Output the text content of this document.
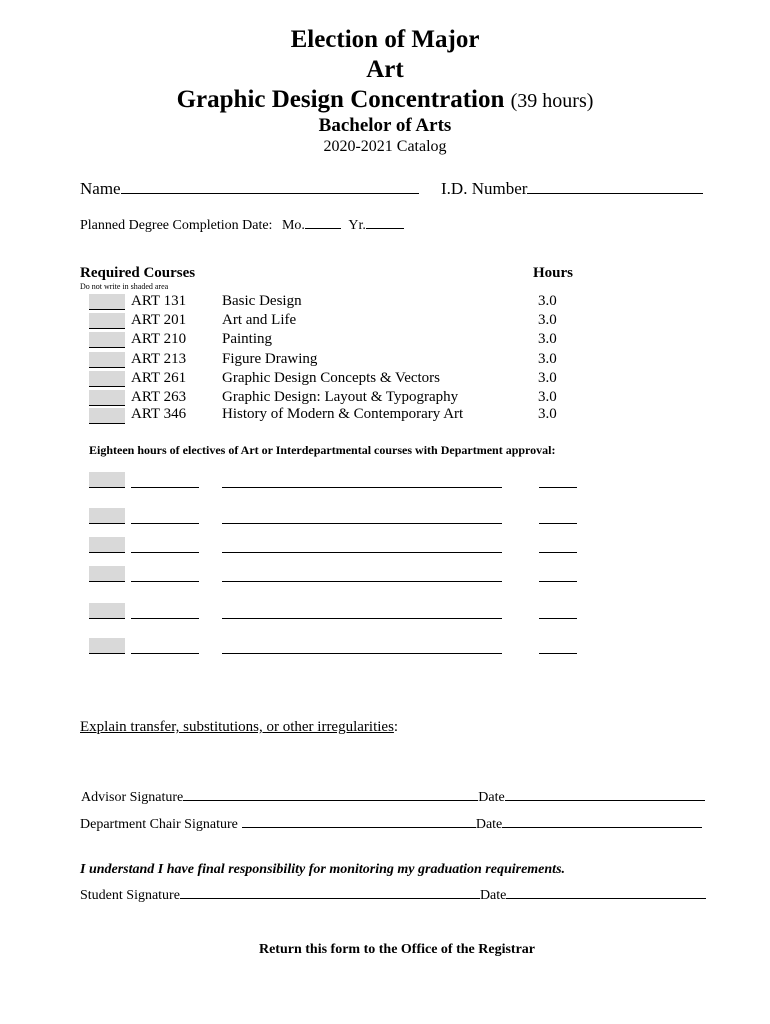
Election of Major
Art
Graphic Design Concentration (39 hours)
Bachelor of Arts
2020-2021 Catalog
Name	I.D. Number
Planned Degree Completion Date: Mo.	Yr.
Required Courses
Do not write in shaded area
Hours
ART 131 Basic Design	3.0
ART 201 Art and Life	3.0
ART 210 Painting	3.0
ART 213 Figure Drawing	3.0
ART 261 Graphic Design Concepts & Vectors	3.0
ART 263 Graphic Design: Layout & Typography	3.0
ART 346 History of Modern & Contemporary Art	3.0
Eighteen hours of electives of Art or Interdepartmental courses with Department approval:
Explain transfer, substitutions, or other irregularities:
Advisor Signature	Date
Department Chair Signature	Date
I understand I have final responsibility for monitoring my graduation requirements.
Student Signature	Date
Return this form to the Office of the Registrar
